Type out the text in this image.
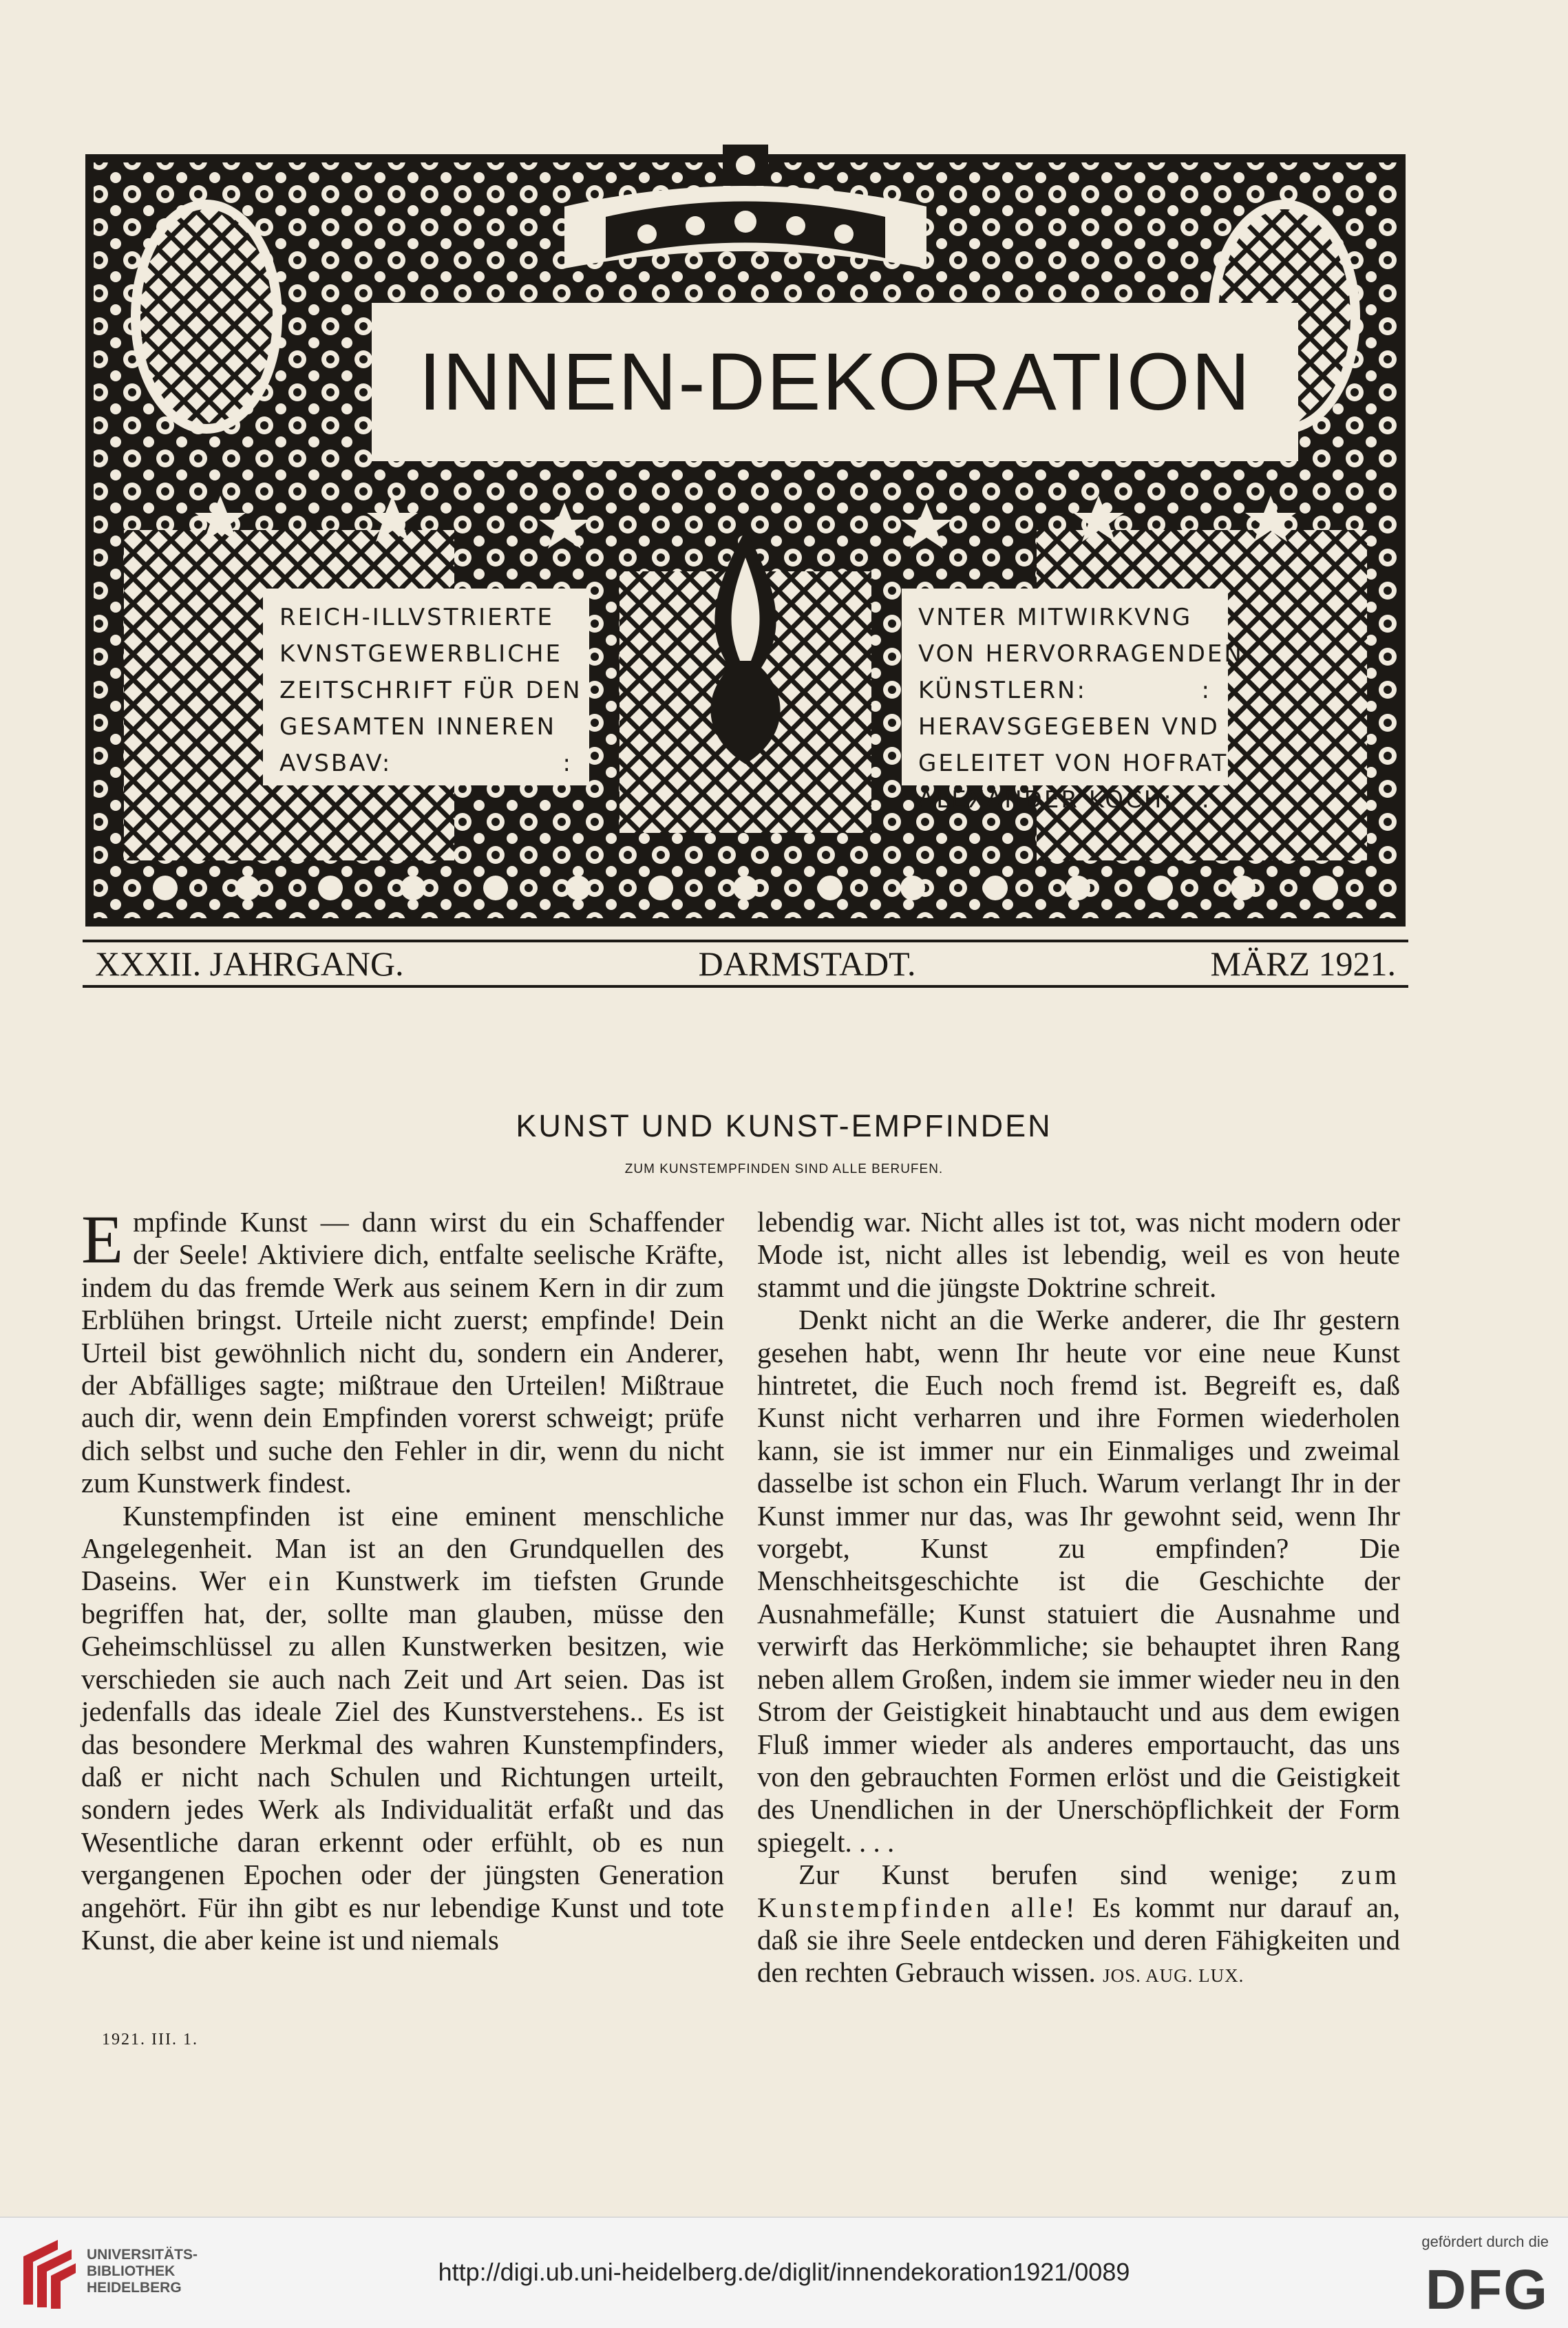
INNEN-DEKORATION
REICH-ILLVSTRIERTE
KVNSTGEWERBLICHE
ZEITSCHRIFT FÜR DEN
GESAMTEN INNEREN
AVSBAV:	:
VNTER MITWIRKVNG
VON HERVORRAGENDEN
KÜNSTLERN:	:
HERAVSGEGEBEN VND
GELEITET VON HOFRAT
ALEXANDER KOCH: :
XXXII. JAHRGANG.	DARMSTADT.	MÄRZ 1921.
KUNST UND KUNST-EMPFINDEN
ZUM KUNSTEMPFINDEN SIND ALLE BERUFEN.

Empfinde Kunst — dann wirst du ein Schaffender der Seele! Aktiviere dich, entfalte seelische Kräfte, indem du das fremde Werk aus seinem Kern in dir zum Erblühen bringst. Urteile nicht zuerst; empfinde! Dein Urteil bist gewöhnlich nicht du, sondern ein Anderer, der Abfälliges sagte; mißtraue den Urteilen! Mißtraue auch dir, wenn dein Empfinden vorerst schweigt; prüfe dich selbst und suche den Fehler in dir, wenn du nicht zum Kunstwerk findest.

Kunstempfinden ist eine eminent menschliche Angelegenheit. Man ist an den Grundquellen des Daseins. Wer ein Kunstwerk im tiefsten Grunde begriffen hat, der, sollte man glauben, müsse den Geheimschlüssel zu allen Kunstwerken besitzen, wie verschieden sie auch nach Zeit und Art seien. Das ist jedenfalls das ideale Ziel des Kunstverstehens.. Es ist das besondere Merkmal des wahren Kunstempfinders, daß er nicht nach Schulen und Richtungen urteilt, sondern jedes Werk als Individualität erfaßt und das Wesentliche daran erkennt oder erfühlt, ob es nun vergangenen Epochen oder der jüngsten Generation angehört. Für ihn gibt es nur lebendige Kunst und tote Kunst, die aber keine ist und niemals

lebendig war. Nicht alles ist tot, was nicht modern oder Mode ist, nicht alles ist lebendig, weil es von heute stammt und die jüngste Doktrine schreit.

Denkt nicht an die Werke anderer, die Ihr gestern gesehen habt, wenn Ihr heute vor eine neue Kunst hintretet, die Euch noch fremd ist. Begreift es, daß Kunst nicht verharren und ihre Formen wiederholen kann, sie ist immer nur ein Einmaliges und zweimal dasselbe ist schon ein Fluch. Warum verlangt Ihr in der Kunst immer nur das, was Ihr gewohnt seid, wenn Ihr vorgebt, Kunst zu empfinden? Die Menschheitsgeschichte ist die Geschichte der Ausnahmefälle; Kunst statuiert die Ausnahme und verwirft das Herkömmliche; sie behauptet ihren Rang neben allem Großen, indem sie immer wieder neu in den Strom der Geistigkeit hinabtaucht und aus dem ewigen Fluß immer wieder als anderes emportaucht, das uns von den gebrauchten Formen erlöst und die Geistigkeit des Unendlichen in der Unerschöpflichkeit der Form spiegelt. . . .

Zur Kunst berufen sind wenige; zum Kunstempfinden alle! Es kommt nur darauf an, daß sie ihre Seele entdecken und deren Fähigkeiten und den rechten Gebrauch wissen. JOS. AUG. LUX.

1921. III. 1.
UNIVERSITÄTS-
BIBLIOTHEK
HEIDELBERG
http://digi.ub.uni-heidelberg.de/diglit/innendekoration1921/0089
gefördert durch die
DFG
